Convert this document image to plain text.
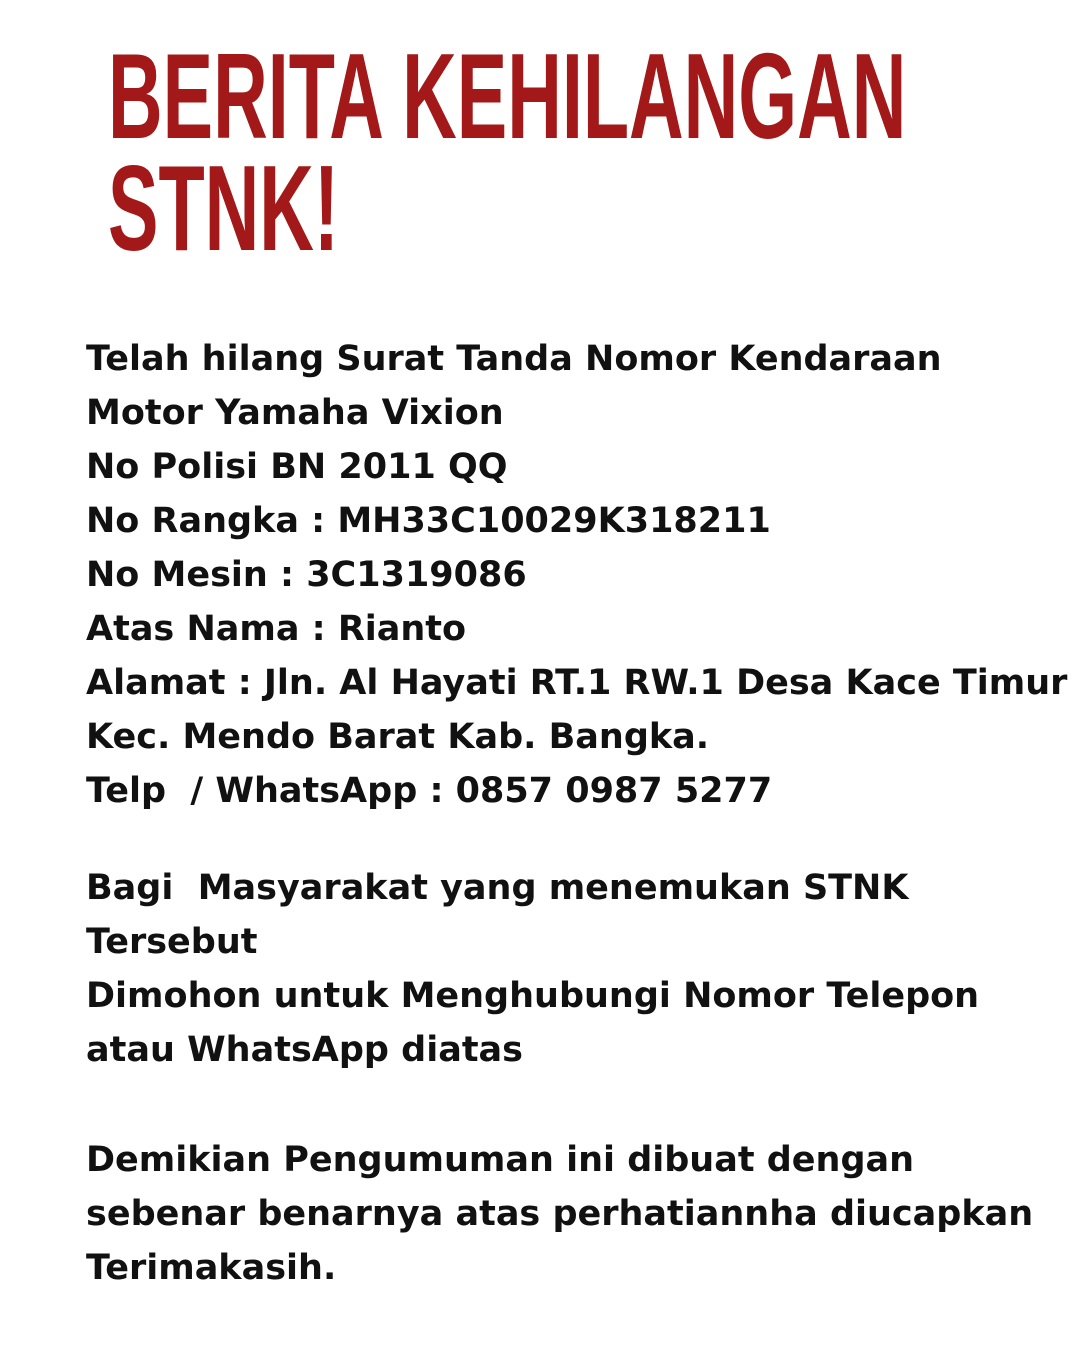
BERITA KEHILANGAN
STNK!
Telah hilang Surat Tanda Nomor Kendaraan
Motor Yamaha Vixion
No Polisi BN 2011 QQ
No Rangka : MH33C10029K318211
No Mesin : 3C1319086
Atas Nama : Rianto
Alamat : Jln. Al Hayati RT.1 RW.1 Desa Kace Timur
Kec. Mendo Barat Kab. Bangka.
Telp  / WhatsApp : 0857 0987 5277
Bagi  Masyarakat yang menemukan STNK
Tersebut
Dimohon untuk Menghubungi Nomor Telepon
atau WhatsApp diatas
Demikian Pengumuman ini dibuat dengan
sebenar benarnya atas perhatiannha diucapkan
Terimakasih.
